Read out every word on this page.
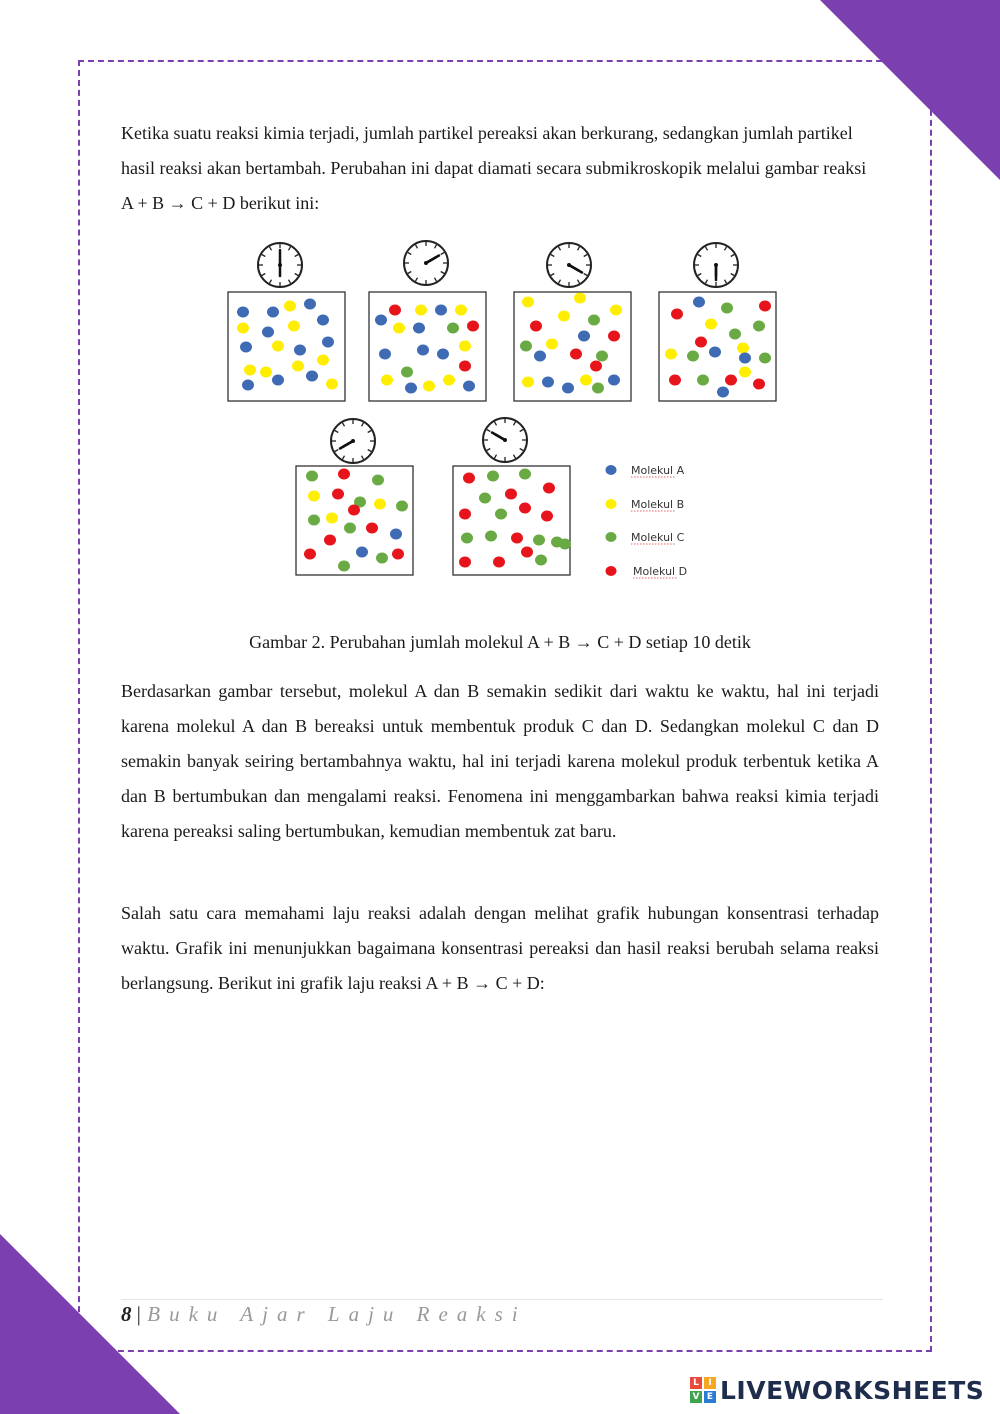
Ketika suatu reaksi kimia terjadi, jumlah partikel pereaksi akan berkurang, sedangkan jumlah partikel hasil reaksi akan bertambah. Perubahan ini dapat diamati secara submikroskopik melalui gambar reaksi A + B → C + D berikut ini:

Molekul A
Molekul B
Molekul C
Molekul D
Gambar 2. Perubahan jumlah molekul A + B → C + D setiap 10 detik

Berdasarkan gambar tersebut, molekul A dan B semakin sedikit dari waktu ke waktu, hal ini terjadi karena molekul A dan B bereaksi untuk membentuk produk C dan D. Sedangkan molekul C dan D semakin banyak seiring bertambahnya waktu, hal ini terjadi karena molekul produk terbentuk ketika A dan B bertumbukan dan mengalami reaksi. Fenomena ini menggambarkan bahwa reaksi kimia terjadi karena pereaksi saling bertumbukan, kemudian membentuk zat baru.

Salah satu cara memahami laju reaksi adalah dengan melihat grafik hubungan konsentrasi terhadap waktu. Grafik ini menunjukkan bagaimana konsentrasi pereaksi dan hasil reaksi berubah selama reaksi berlangsung. Berikut ini grafik laju reaksi A + B → C + D:

8 | Buku Ajar Laju Reaksi
L	I
V E LIVEWORKSHEETS
